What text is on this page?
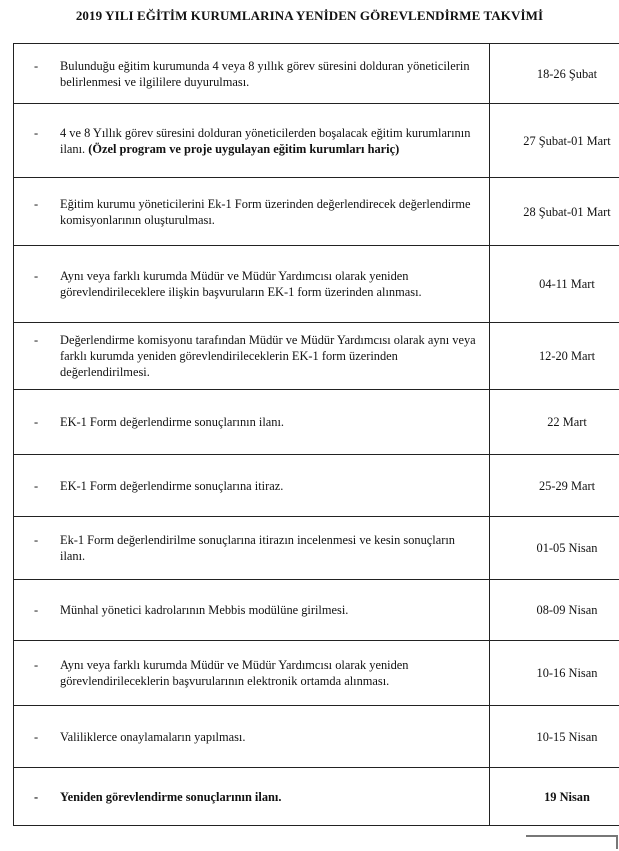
2019 YILI EĞİTİM KURUMLARINA YENİDEN GÖREVLENDİRME TAKVİMİ
- Bulunduğu eğitim kurumunda 4 veya 8 yıllık görev süresini dolduran yöneticilerin belirlenmesi ve ilgililere duyurulması.	18-26 Şubat

- 4 ve 8 Yıllık görev süresini dolduran yöneticilerden boşalacak eğitim kurumlarının ilanı. (Özel program ve proje uygulayan eğitim kurumları hariç)	27 Şubat-01 Mart

- Eğitim kurumu yöneticilerini Ek-1 Form üzerinden değerlendirecek değerlendirme komisyonlarının oluşturulması.	28 Şubat-01 Mart

- Aynı veya farklı kurumda Müdür ve Müdür Yardımcısı olarak yeniden görevlendirileceklere ilişkin başvuruların EK-1 form üzerinden alınması.	04-11 Mart

- Değerlendirme komisyonu tarafından Müdür ve Müdür Yardımcısı olarak aynı veya farklı kurumda yeniden görevlendirileceklerin EK-1 form üzerinden değerlendirilmesi.	12-20 Mart

- EK-1 Form değerlendirme sonuçlarının ilanı.	22 Mart

- EK-1 Form değerlendirme sonuçlarına itiraz.	25-29 Mart

- Ek-1 Form değerlendirilme sonuçlarına itirazın incelenmesi ve kesin sonuçların ilanı.	01-05 Nisan

- Münhal yönetici kadrolarının Mebbis modülüne girilmesi.	08-09 Nisan

- Aynı veya farklı kurumda Müdür ve Müdür Yardımcısı olarak yeniden görevlendirileceklerin başvurularının elektronik ortamda alınması.	10-16 Nisan

- Valiliklerce onaylamaların yapılması.	10-15 Nisan

- Yeniden görevlendirme sonuçlarının ilanı.	19 Nisan
